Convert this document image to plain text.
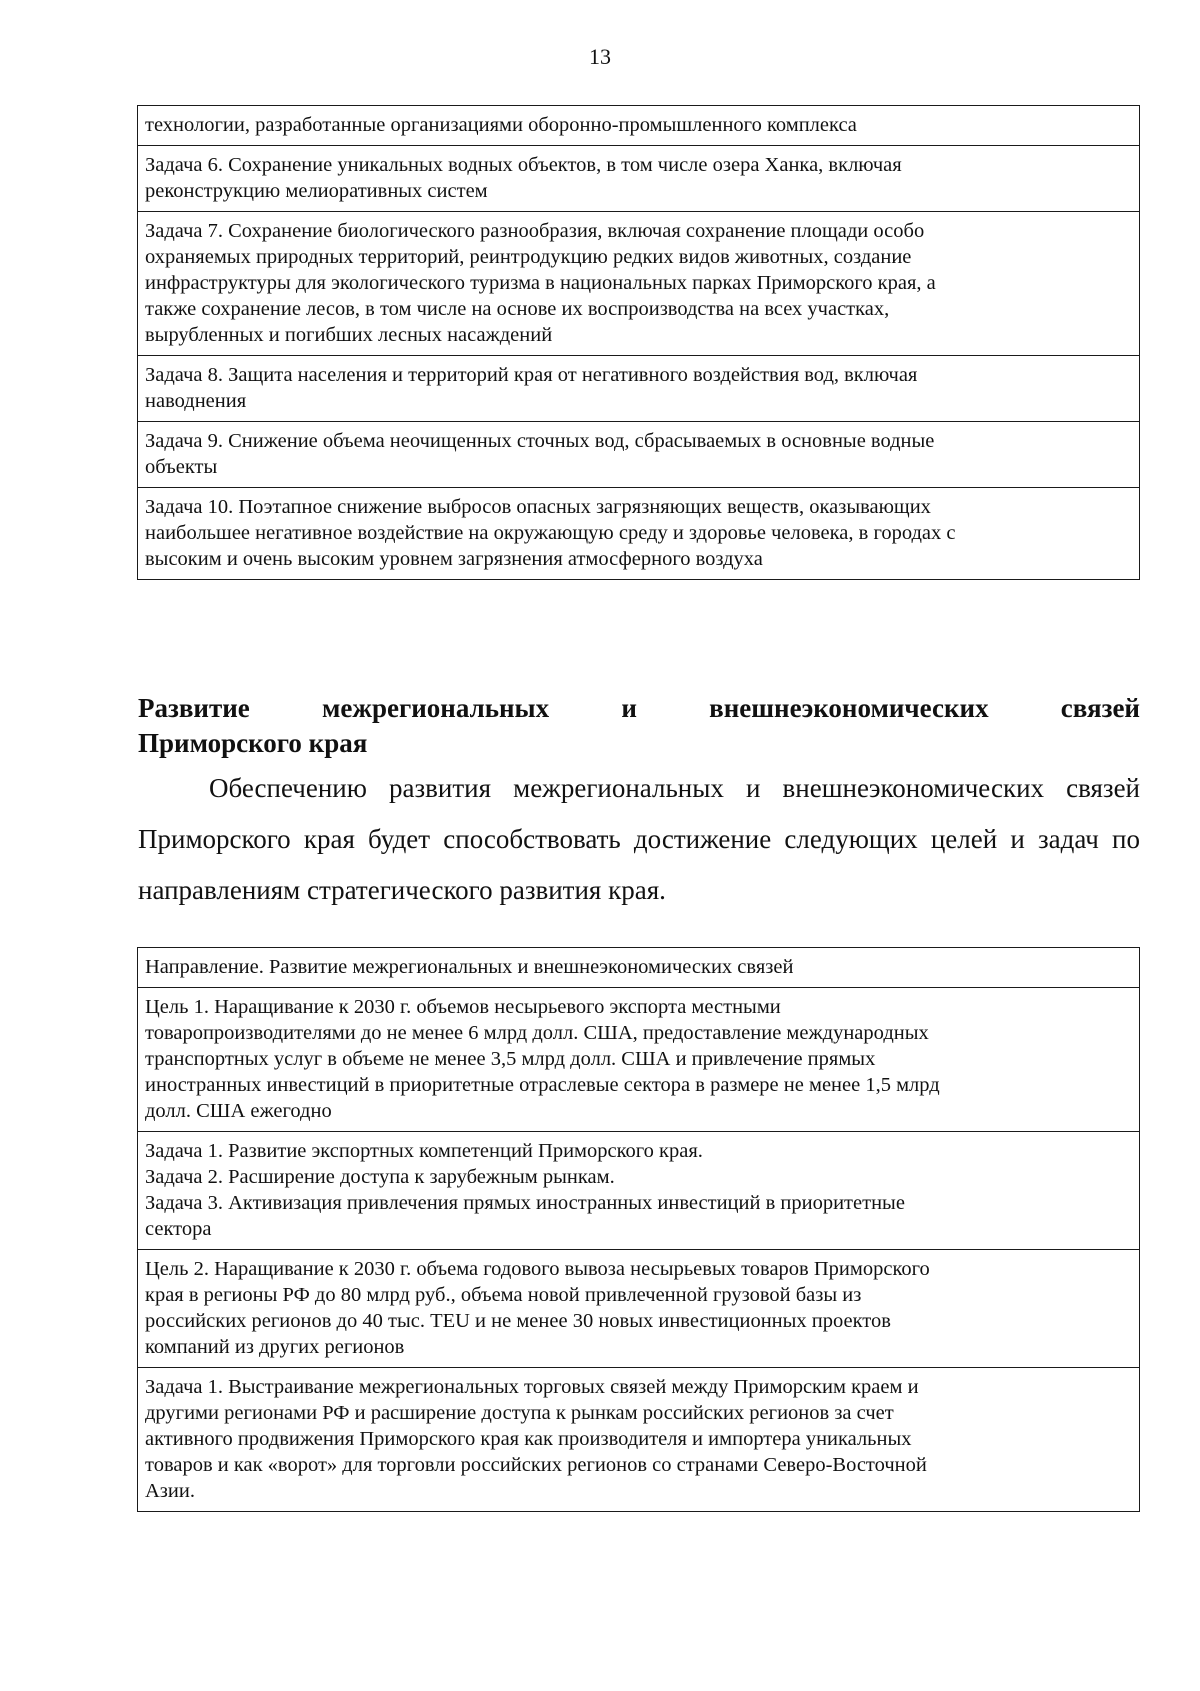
13
технологии, разработанные организациями оборонно-промышленного комплекса
Задача 6. Сохранение уникальных водных объектов, в том числе озера Ханка, включая
реконструкцию мелиоративных систем
Задача 7. Сохранение биологического разнообразия, включая сохранение площади особо
охраняемых природных территорий, реинтродукцию редких видов животных, создание
инфраструктуры для экологического туризма в национальных парках Приморского края, а
также сохранение лесов, в том числе на основе их воспроизводства на всех участках,
вырубленных и погибших лесных насаждений
Задача 8. Защита населения и территорий края от негативного воздействия вод, включая
наводнения
Задача 9. Снижение объема неочищенных сточных вод, сбрасываемых в основные водные
объекты
Задача 10. Поэтапное снижение выбросов опасных загрязняющих веществ, оказывающих
наибольшее негативное воздействие на окружающую среду и здоровье человека, в городах с
высоким и очень высоким уровнем загрязнения атмосферного воздуха
Развитие межрегиональных и внешнеэкономических связей
Приморского края

Обеспечению развития межрегиональных и внешнеэкономических связей Приморского края будет способствовать достижение следующих целей и задач по направлениям стратегического развития края.

Направление. Развитие межрегиональных и внешнеэкономических связей
Цель 1. Наращивание к 2030 г. объемов несырьевого экспорта местными
товаропроизводителями до не менее 6 млрд долл. США, предоставление международных
транспортных услуг в объеме не менее 3,5 млрд долл. США и привлечение прямых
иностранных инвестиций в приоритетные отраслевые сектора в размере не менее 1,5 млрд
долл. США ежегодно
Задача 1. Развитие экспортных компетенций Приморского края.
Задача 2. Расширение доступа к зарубежным рынкам.
Задача 3. Активизация привлечения прямых иностранных инвестиций в приоритетные
сектора
Цель 2. Наращивание к 2030 г. объема годового вывоза несырьевых товаров Приморского
края в регионы РФ до 80 млрд руб., объема новой привлеченной грузовой базы из
российских регионов до 40 тыс. TEU и не менее 30 новых инвестиционных проектов
компаний из других регионов
Задача 1. Выстраивание межрегиональных торговых связей между Приморским краем и
другими регионами РФ и расширение доступа к рынкам российских регионов за счет
активного продвижения Приморского края как производителя и импортера уникальных
товаров и как «ворот» для торговли российских регионов со странами Северо-Восточной
Азии.
